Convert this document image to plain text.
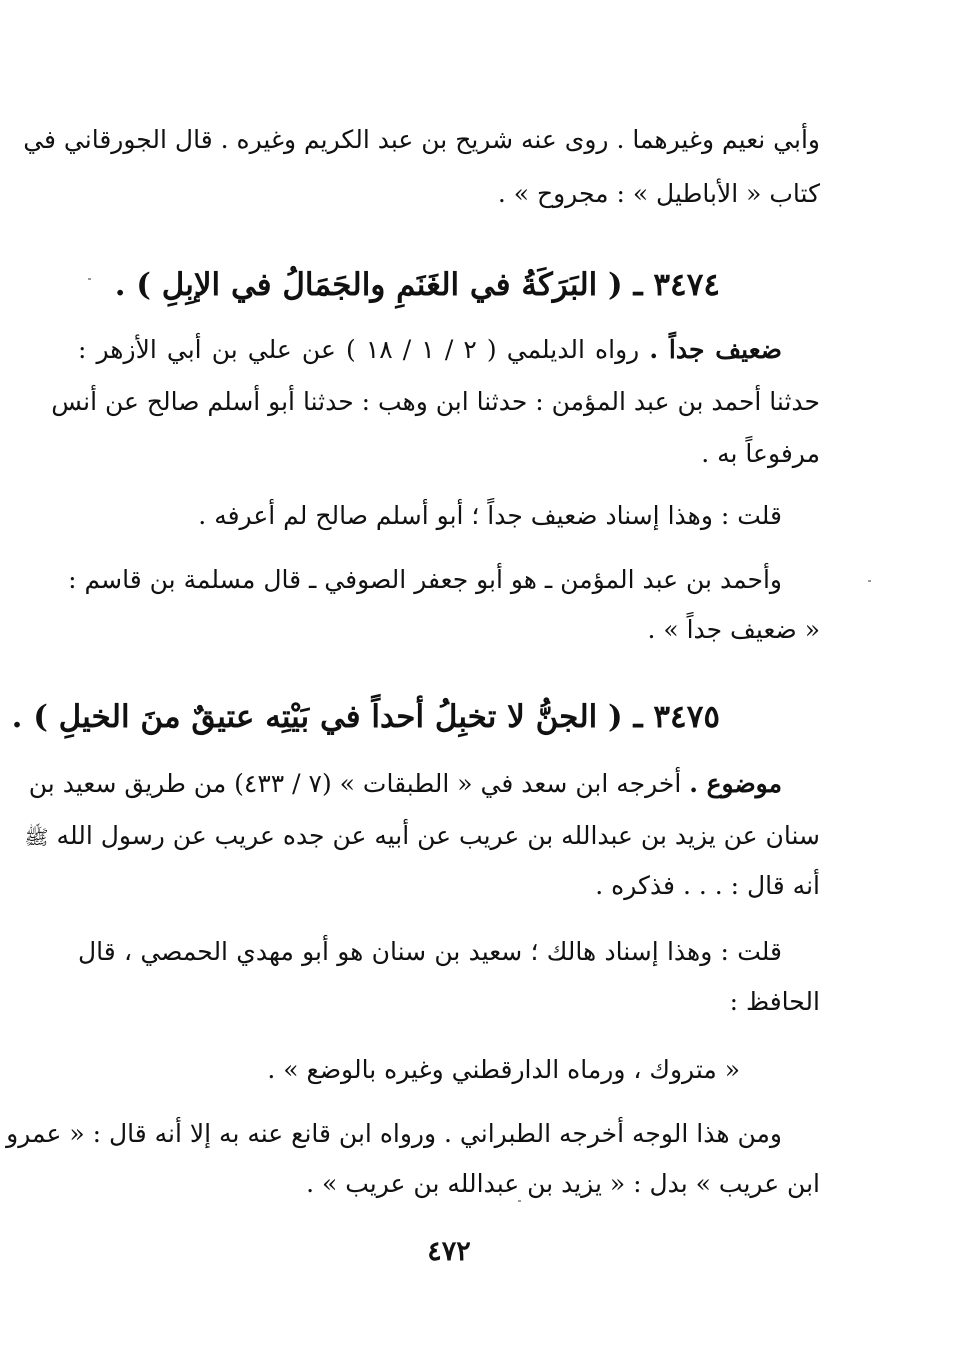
وأبي نعيم وغيرهما . روى عنه شريح بن عبد الكريم وغيره . قال الجورقاني في
كتاب « الأباطيل » : مجروح » .
٣٤٧٤ ـ ( البَرَكَةُ في الغَنَمِ والجَمَالُ في الإبِلِ ) .
ضعيف جداً . رواه الديلمي ( ٢ / ١ / ١٨ ) عن علي بن أبي الأزهر :
حدثنا أحمد بن عبد المؤمن : حدثنا ابن وهب : حدثنا أبو أسلم صالح عن أنس
مرفوعاً به .
قلت : وهذا إسناد ضعيف جداً ؛ أبو أسلم صالح لم أعرفه .
وأحمد بن عبد المؤمن ـ هو أبو جعفر الصوفي ـ قال مسلمة بن قاسم :
« ضعيف جداً » .
٣٤٧٥ ـ ( الجنُّ لا تخبِلُ أحداً في بَيْتِه عتيقٌ منَ الخيلِ ) .
موضوع . أخرجه ابن سعد في « الطبقات » (٧ / ٤٣٣) من طريق سعيد بن
سنان عن يزيد بن عبدالله بن عريب عن أبيه عن جده عريب عن رسول الله ﷺ
أنه قال : . . . فذكره .
قلت : وهذا إسناد هالك ؛ سعيد بن سنان هو أبو مهدي الحمصي ، قال
الحافظ :
« متروك ، ورماه الدارقطني وغيره بالوضع » .
ومن هذا الوجه أخرجه الطبراني . ورواه ابن قانع عنه به إلا أنه قال : « عمرو
ابن عريب » بدل : « يزيد بن عبدالله بن عريب » .
٤٧٢
